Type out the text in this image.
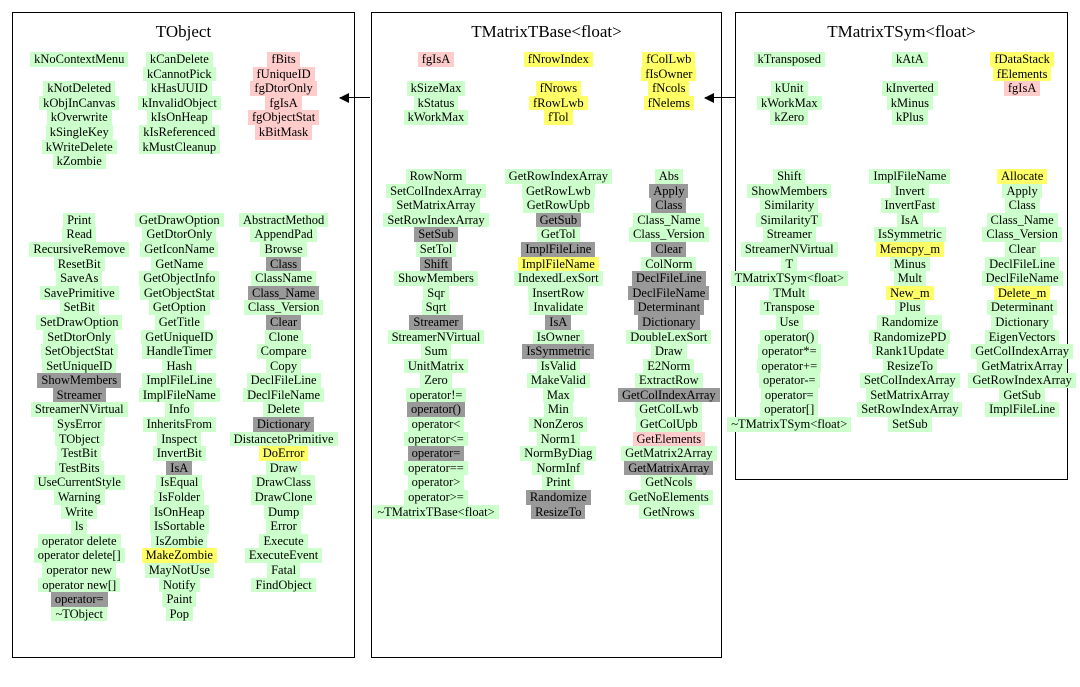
TObject
kNoContextMenu

kNotDeleted
kObjInCanvas
kOverwrite
kSingleKey
kWriteDelete
kZombie
Print
Read
RecursiveRemove
ResetBit
SaveAs
SavePrimitive
SetBit
SetDrawOption
SetDtorOnly
SetObjectStat
SetUniqueID
ShowMembers
Streamer
StreamerNVirtual
SysError
TObject
TestBit
TestBits
UseCurrentStyle
Warning
Write
ls
operator delete
operator delete[]
operator new
operator new[]
operator=
~TObject
kCanDelete
kCannotPick
kHasUUID
kInvalidObject
kIsOnHeap
kIsReferenced
kMustCleanup
GetDrawOption
GetDtorOnly
GetIconName
GetName
GetObjectInfo
GetObjectStat
GetOption
GetTitle
GetUniqueID
HandleTimer
Hash
ImplFileLine
ImplFileName
Info
InheritsFrom
Inspect
InvertBit
IsA
IsEqual
IsFolder
IsOnHeap
IsSortable
IsZombie
MakeZombie
MayNotUse
Notify
Paint
Pop
fBits
fUniqueID
fgDtorOnly
fgIsA
fgObjectStat
kBitMask
AbstractMethod
AppendPad
Browse
Class
ClassName
Class_Name
Class_Version
Clear
Clone
Compare
Copy
DeclFileLine
DeclFileName
Delete
Dictionary
DistancetoPrimitive
DoError
Draw
DrawClass
DrawClone
Dump
Error
Execute
ExecuteEvent
Fatal
FindObject
TMatrixTBase<float>
fgIsA

kSizeMax
kStatus
kWorkMax
RowNorm
SetColIndexArray
SetMatrixArray
SetRowIndexArray
SetSub
SetTol
Shift
ShowMembers
Sqr
Sqrt
Streamer
StreamerNVirtual
Sum
UnitMatrix
Zero
operator!=
operator()
operator<
operator<=
operator=
operator==
operator>
operator>=
~TMatrixTBase<float>
fNrowIndex

fNrows
fRowLwb
fTol
GetRowIndexArray
GetRowLwb
GetRowUpb
GetSub
GetTol
ImplFileLine
ImplFileName
IndexedLexSort
InsertRow
Invalidate
IsA
IsOwner
IsSymmetric
IsValid
MakeValid
Max
Min
NonZeros
Norm1
NormByDiag
NormInf
Print
Randomize
ResizeTo
fColLwb
fIsOwner
fNcols
fNelems
Abs
Apply
Class
Class_Name
Class_Version
Clear
ColNorm
DeclFileLine
DeclFileName
Determinant
Dictionary
DoubleLexSort
Draw
E2Norm
ExtractRow
GetColIndexArray
GetColLwb
GetColUpb
GetElements
GetMatrix2Array
GetMatrixArray
GetNcols
GetNoElements
GetNrows
TMatrixTSym<float>
kTransposed

kUnit
kWorkMax
kZero
Shift
ShowMembers
Similarity
SimilarityT
Streamer
StreamerNVirtual
T
TMatrixTSym<float>
TMult
Transpose
Use
operator()
operator*=
operator+=
operator-=
operator=
operator[]
~TMatrixTSym<float>
kAtA

kInverted
kMinus
kPlus
ImplFileName
Invert
InvertFast
IsA
IsSymmetric
Memcpy_m
Minus
Mult
New_m
Plus
Randomize
RandomizePD
Rank1Update
ResizeTo
SetColIndexArray
SetMatrixArray
SetRowIndexArray
SetSub
fDataStack
fElements
fgIsA
Allocate
Apply
Class
Class_Name
Class_Version
Clear
DeclFileLine
DeclFileName
Delete_m
Determinant
Dictionary
EigenVectors
GetColIndexArray
GetMatrixArray
GetRowIndexArray
GetSub
ImplFileLine
